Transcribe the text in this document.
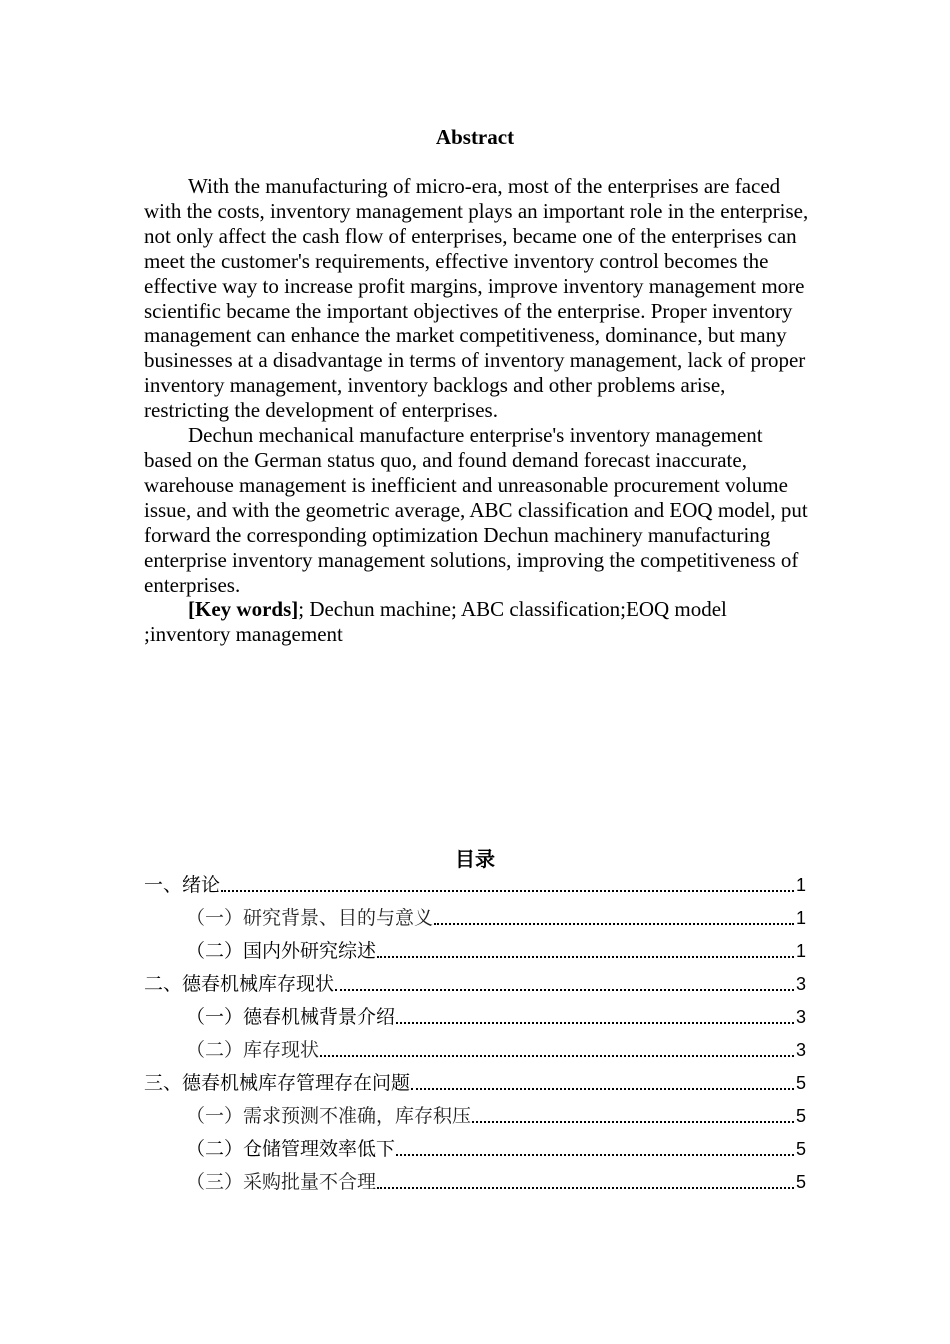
Abstract

With the manufacturing of micro-era, most of the enterprises are faced with the costs, inventory management plays an important role in the enterprise, not only affect the cash flow of enterprises, became one of the enterprises can meet the customer's requirements, effective inventory control becomes the effective way to increase profit margins, improve inventory management more scientific became the important objectives of the enterprise. Proper inventory management can enhance the market competitiveness, dominance, but many businesses at a disadvantage in terms of inventory management, lack of proper inventory management, inventory backlogs and other problems arise, restricting the development of enterprises.

Dechun mechanical manufacture enterprise's inventory management based on the German status quo, and found demand forecast inaccurate, warehouse management is inefficient and unreasonable procurement volume issue, and with the geometric average, ABC classification and EOQ model, put forward the corresponding optimization Dechun machinery manufacturing enterprise inventory management solutions, improving the competitiveness of enterprises.

[Key words]; Dechun machine; ABC classification;EOQ model ;inventory management

目录
一、绪论	1
（一）研究背景、目的与意义	1
（二）国内外研究综述	1
二、德春机械库存现状	3
（一）德春机械背景介绍	3
（二）库存现状	3
三、德春机械库存管理存在问题	5
（一）需求预测不准确，库存积压	5
（二）仓储管理效率低下	5
（三）采购批量不合理	5
